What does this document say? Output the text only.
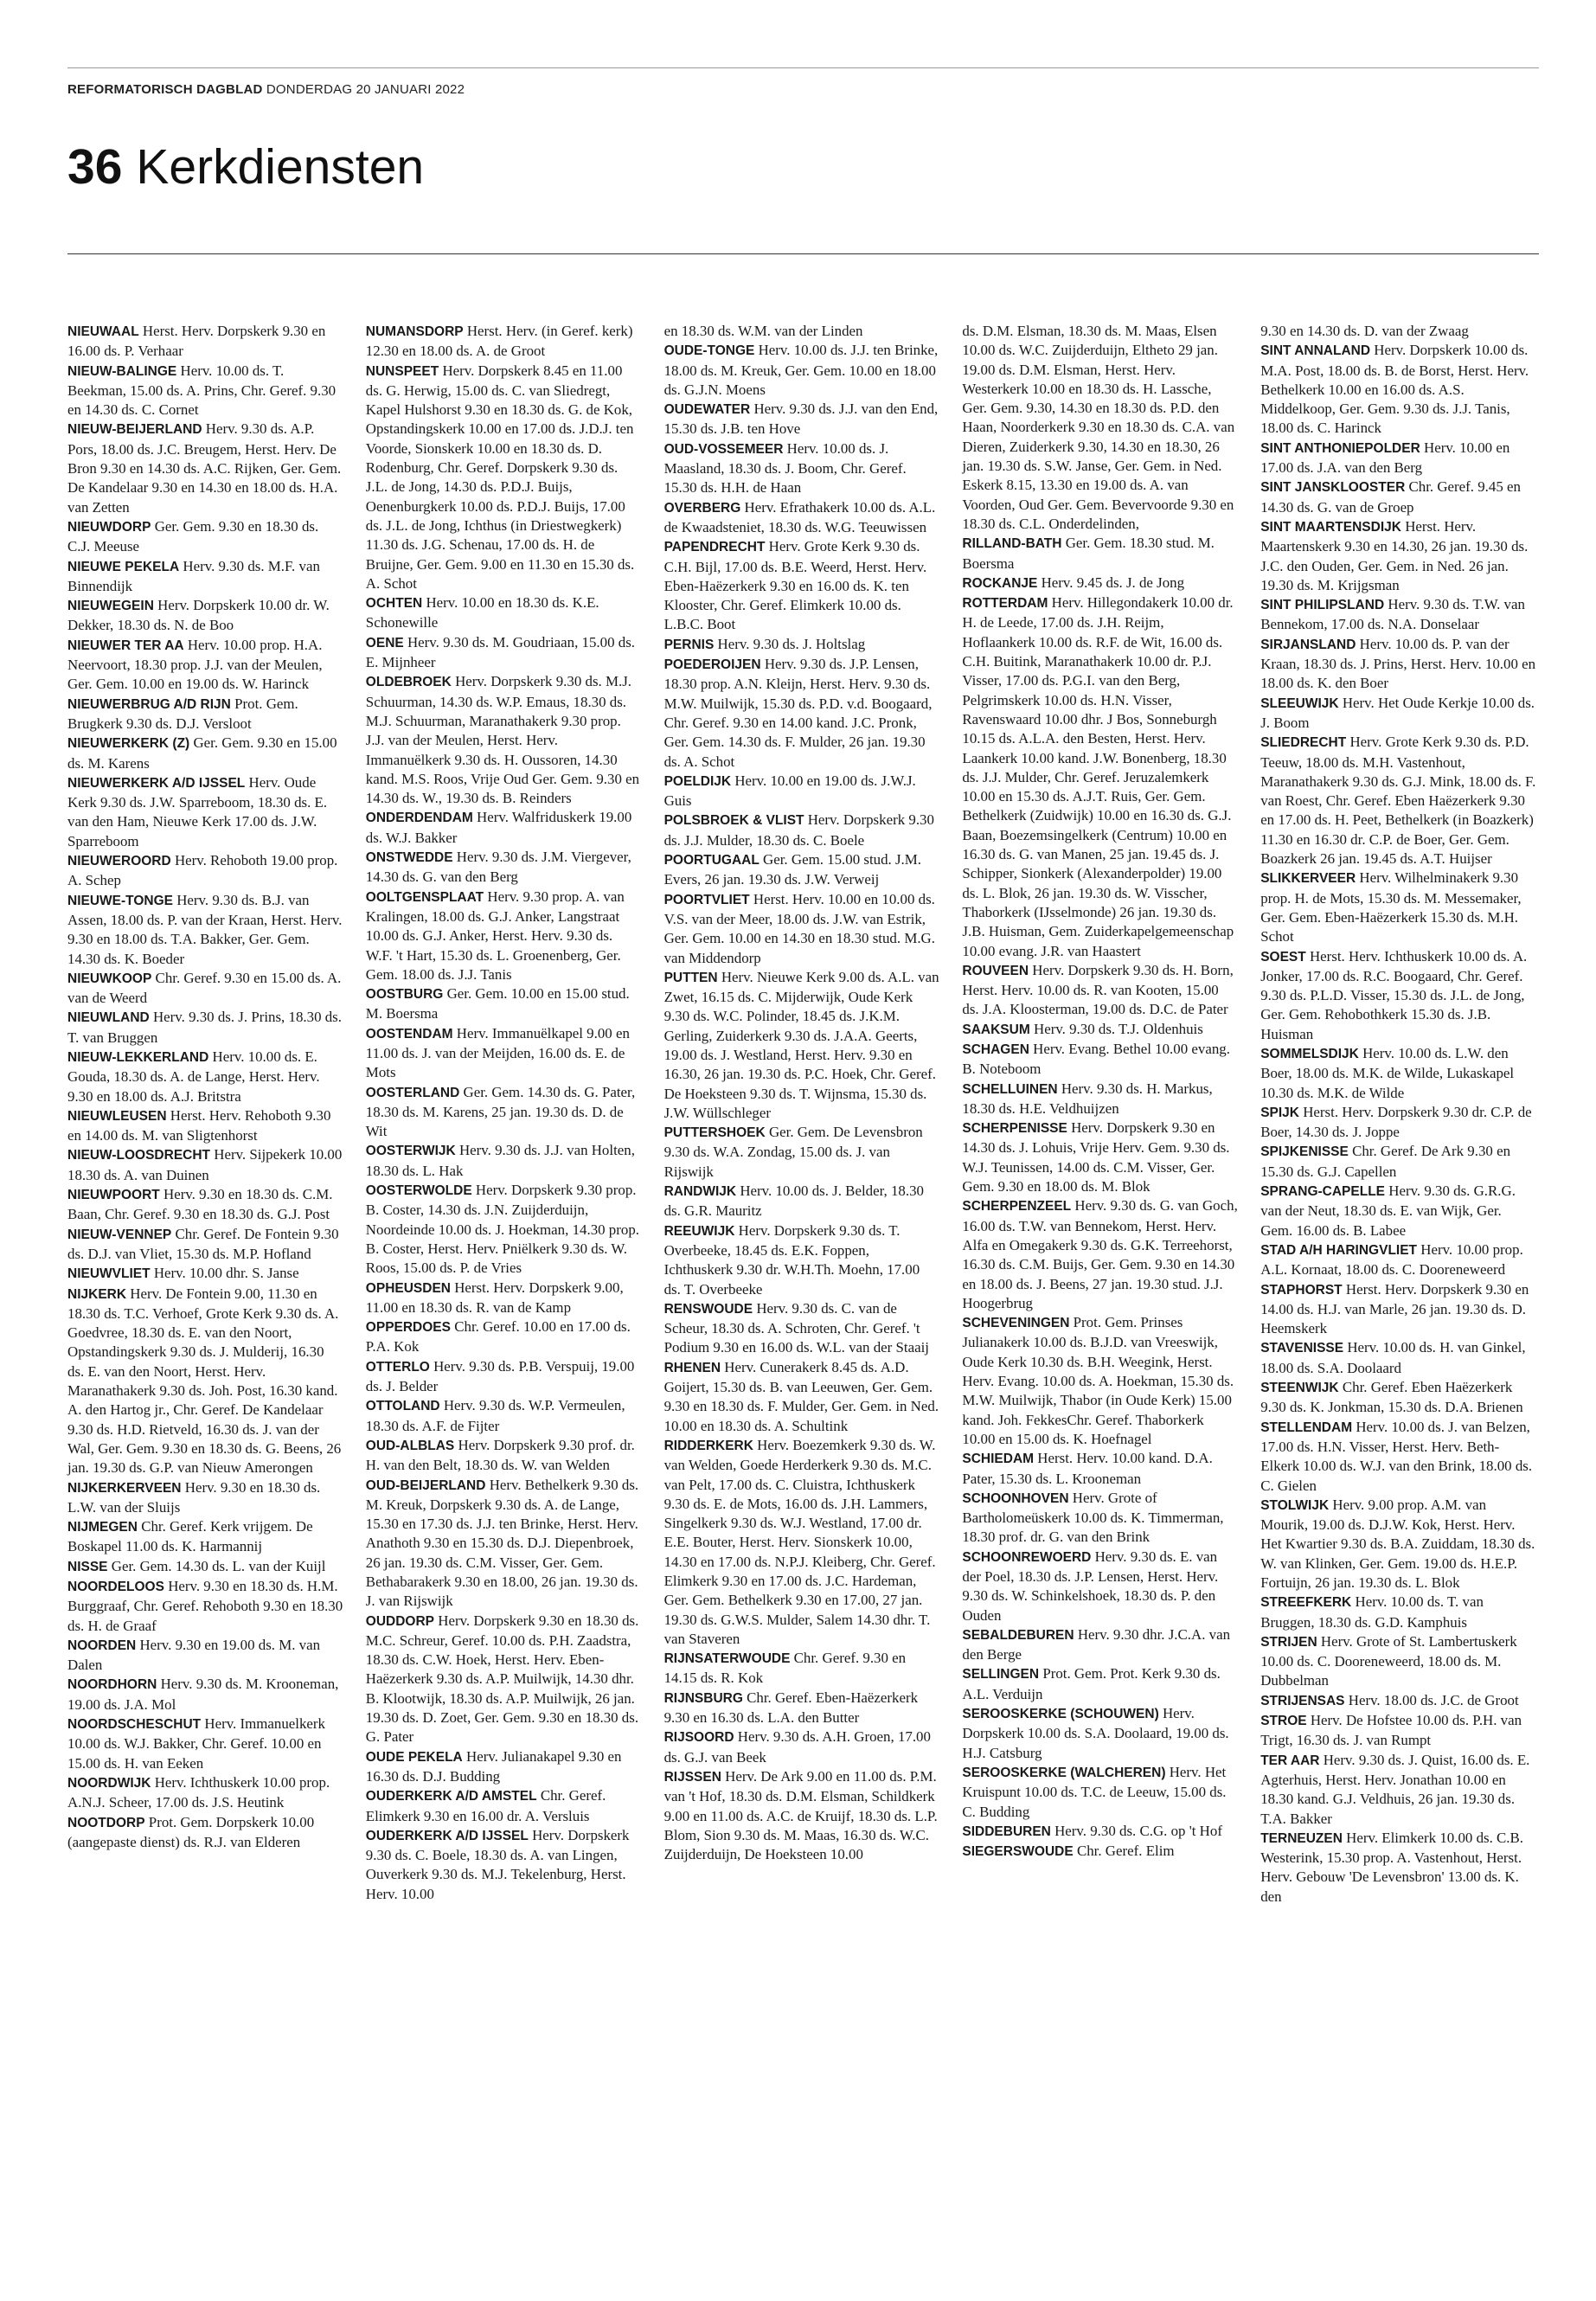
REFORMATORISCH DAGBLAD DONDERDAG 20 JANUARI 2022
36 Kerkdiensten

NIEUWAAL Herst. Herv. Dorpskerk 9.30 en 16.00 ds. P. Verhaar

NIEUW-BALINGE Herv. 10.00 ds. T. Beekman, 15.00 ds. A. Prins, Chr. Geref. 9.30 en 14.30 ds. C. Cornet

NIEUW-BEIJERLAND Herv. 9.30 ds. A.P. Pors, 18.00 ds. J.C. Breugem, Herst. Herv. De Bron 9.30 en 14.30 ds. A.C. Rijken, Ger. Gem. De Kandelaar 9.30 en 14.30 en 18.00 ds. H.A. van Zetten

NIEUWDORP Ger. Gem. 9.30 en 18.30 ds. C.J. Meeuse

NIEUWE PEKELA Herv. 9.30 ds. M.F. van Binnendijk

NIEUWEGEIN Herv. Dorpskerk 10.00 dr. W. Dekker, 18.30 ds. N. de Boo

NIEUWER TER AA Herv. 10.00 prop. H.A. Neervoort, 18.30 prop. J.J. van der Meulen, Ger. Gem. 10.00 en 19.00 ds. W. Harinck

NIEUWERBRUG A/D RIJN Prot. Gem. Brugkerk 9.30 ds. D.J. Versloot

NIEUWERKERK (Z) Ger. Gem. 9.30 en 15.00 ds. M. Karens

NIEUWERKERK A/D IJSSEL Herv. Oude Kerk 9.30 ds. J.W. Sparreboom, 18.30 ds. E. van den Ham, Nieuwe Kerk 17.00 ds. J.W. Sparreboom

NIEUWEROORD Herv. Rehoboth 19.00 prop. A. Schep

NIEUWE-TONGE Herv. 9.30 ds. B.J. van Assen, 18.00 ds. P. van der Kraan, Herst. Herv. 9.30 en 18.00 ds. T.A. Bakker, Ger. Gem. 14.30 ds. K. Boeder

NIEUWKOOP Chr. Geref. 9.30 en 15.00 ds. A. van de Weerd

NIEUWLAND Herv. 9.30 ds. J. Prins, 18.30 ds. T. van Bruggen

NIEUW-LEKKERLAND Herv. 10.00 ds. E. Gouda, 18.30 ds. A. de Lange, Herst. Herv. 9.30 en 18.00 ds. A.J. Britstra

NIEUWLEUSEN Herst. Herv. Rehoboth 9.30 en 14.00 ds. M. van Sligtenhorst

NIEUW-LOOSDRECHT Herv. Sijpekerk 10.00 18.30 ds. A. van Duinen

NIEUWPOORT Herv. 9.30 en 18.30 ds. C.M. Baan, Chr. Geref. 9.30 en 18.30 ds. G.J. Post

NIEUW-VENNEP Chr. Geref. De Fontein 9.30 ds. D.J. van Vliet, 15.30 ds. M.P. Hofland

NIEUWVLIET Herv. 10.00 dhr. S. Janse

NIJKERK Herv. De Fontein 9.00, 11.30 en 18.30 ds. T.C. Verhoef, Grote Kerk 9.30 ds. A. Goedvree, 18.30 ds. E. van den Noort, Opstandingskerk 9.30 ds. J. Mulderij, 16.30 ds. E. van den Noort, Herst. Herv. Maranathakerk 9.30 ds. Joh. Post, 16.30 kand. A. den Hartog jr., Chr. Geref. De Kandelaar 9.30 ds. H.D. Rietveld, 16.30 ds. J. van der Wal, Ger. Gem. 9.30 en 18.30 ds. G. Beens, 26 jan. 19.30 ds. G.P. van Nieuw Amerongen

NIJKERKERVEEN Herv. 9.30 en 18.30 ds. L.W. van der Sluijs

NIJMEGEN Chr. Geref. Kerk vrijgem. De Boskapel 11.00 ds. K. Harmannij

NISSE Ger. Gem. 14.30 ds. L. van der Kuijl

NOORDELOOS Herv. 9.30 en 18.30 ds. H.M. Burggraaf, Chr. Geref. Rehoboth 9.30 en 18.30 ds. H. de Graaf

NOORDEN Herv. 9.30 en 19.00 ds. M. van Dalen

NOORDHORN Herv. 9.30 ds. M. Krooneman, 19.00 ds. J.A. Mol

NOORDSCHESCHUT Herv. Immanuelkerk 10.00 ds. W.J. Bakker, Chr. Geref. 10.00 en 15.00 ds. H. van Eeken

NOORDWIJK Herv. Ichthuskerk 10.00 prop. A.N.J. Scheer, 17.00 ds. J.S. Heutink

NOOTDORP Prot. Gem. Dorpskerk 10.00 (aangepaste dienst) ds. R.J. van Elderen

NUMANSDORP Herst. Herv. (in Geref. kerk) 12.30 en 18.00 ds. A. de Groot

NUNSPEET Herv. Dorpskerk 8.45 en 11.00 ds. G. Herwig, 15.00 ds. C. van Sliedregt, Kapel Hulshorst 9.30 en 18.30 ds. G. de Kok, Opstandingskerk 10.00 en 17.00 ds. J.D.J. ten Voorde, Sionskerk 10.00 en 18.30 ds. D. Rodenburg, Chr. Geref. Dorpskerk 9.30 ds. J.L. de Jong, 14.30 ds. P.D.J. Buijs, Oenenburgkerk 10.00 ds. P.D.J. Buijs, 17.00 ds. J.L. de Jong, Ichthus (in Driestwegkerk) 11.30 ds. J.G. Schenau, 17.00 ds. H. de Bruijne, Ger. Gem. 9.00 en 11.30 en 15.30 ds. A. Schot

OCHTEN Herv. 10.00 en 18.30 ds. K.E. Schonewille

OENE Herv. 9.30 ds. M. Goudriaan, 15.00 ds. E. Mijnheer

OLDEBROEK Herv. Dorpskerk 9.30 ds. M.J. Schuurman, 14.30 ds. W.P. Emaus, 18.30 ds. M.J. Schuurman, Maranathakerk 9.30 prop. J.J. van der Meulen, Herst. Herv. Immanuëlkerk 9.30 ds. H. Oussoren, 14.30 kand. M.S. Roos, Vrije Oud Ger. Gem. 9.30 en 14.30 ds. W., 19.30 ds. B. Reinders

ONDERDENDAM Herv. Walfriduskerk 19.00 ds. W.J. Bakker

ONSTWEDDE Herv. 9.30 ds. J.M. Viergever, 14.30 ds. G. van den Berg

OOLTGENSPLAAT Herv. 9.30 prop. A. van Kralingen, 18.00 ds. G.J. Anker, Langstraat 10.00 ds. G.J. Anker, Herst. Herv. 9.30 ds. W.F. 't Hart, 15.30 ds. L. Groenenberg, Ger. Gem. 18.00 ds. J.J. Tanis

OOSTBURG Ger. Gem. 10.00 en 15.00 stud. M. Boersma

OOSTENDAM Herv. Immanuëlkapel 9.00 en 11.00 ds. J. van der Meijden, 16.00 ds. E. de Mots

OOSTERLAND Ger. Gem. 14.30 ds. G. Pater, 18.30 ds. M. Karens, 25 jan. 19.30 ds. D. de Wit

OOSTERWIJK Herv. 9.30 ds. J.J. van Holten, 18.30 ds. L. Hak

OOSTERWOLDE Herv. Dorpskerk 9.30 prop. B. Coster, 14.30 ds. J.N. Zuijderduijn, Noordeinde 10.00 ds. J. Hoekman, 14.30 prop. B. Coster, Herst. Herv. Pniëlkerk 9.30 ds. W. Roos, 15.00 ds. P. de Vries

OPHEUSDEN Herst. Herv. Dorpskerk 9.00, 11.00 en 18.30 ds. R. van de Kamp

OPPERDOES Chr. Geref. 10.00 en 17.00 ds. P.A. Kok

OTTERLO Herv. 9.30 ds. P.B. Verspuij, 19.00 ds. J. Belder

OTTOLAND Herv. 9.30 ds. W.P. Vermeulen, 18.30 ds. A.F. de Fijter

OUD-ALBLAS Herv. Dorpskerk 9.30 prof. dr. H. van den Belt, 18.30 ds. W. van Welden

OUD-BEIJERLAND Herv. Bethelkerk 9.30 ds. M. Kreuk, Dorpskerk 9.30 ds. A. de Lange, 15.30 en 17.30 ds. J.J. ten Brinke, Herst. Herv. Anathoth 9.30 en 15.30 ds. D.J. Diepenbroek, 26 jan. 19.30 ds. C.M. Visser, Ger. Gem. Bethabarakerk 9.30 en 18.00, 26 jan. 19.30 ds. J. van Rijswijk

OUDDORP Herv. Dorpskerk 9.30 en 18.30 ds. M.C. Schreur, Geref. 10.00 ds. P.H. Zaadstra, 18.30 ds. C.W. Hoek, Herst. Herv. Eben-Haëzerkerk 9.30 ds. A.P. Muilwijk, 14.30 dhr. B. Klootwijk, 18.30 ds. A.P. Muilwijk, 26 jan. 19.30 ds. D. Zoet, Ger. Gem. 9.30 en 18.30 ds. G. Pater

OUDE PEKELA Herv. Julianakapel 9.30 en 16.30 ds. D.J. Budding

OUDERKERK A/D AMSTEL Chr. Geref. Elimkerk 9.30 en 16.00 dr. A. Versluis

OUDERKERK A/D IJSSEL Herv. Dorpskerk 9.30 ds. C. Boele, 18.30 ds. A. van Lingen, Ouverkerk 9.30 ds. M.J. Tekelenburg, Herst. Herv. 10.00

en 18.30 ds. W.M. van der Linden

OUDE-TONGE Herv. 10.00 ds. J.J. ten Brinke, 18.00 ds. M. Kreuk, Ger. Gem. 10.00 en 18.00 ds. G.J.N. Moens

OUDEWATER Herv. 9.30 ds. J.J. van den End, 15.30 ds. J.B. ten Hove

OUD-VOSSEMEER Herv. 10.00 ds. J. Maasland, 18.30 ds. J. Boom, Chr. Geref. 15.30 ds. H.H. de Haan

OVERBERG Herv. Efrathakerk 10.00 ds. A.L. de Kwaadsteniet, 18.30 ds. W.G. Teeuwissen

PAPENDRECHT Herv. Grote Kerk 9.30 ds. C.H. Bijl, 17.00 ds. B.E. Weerd, Herst. Herv. Eben-Haëzerkerk 9.30 en 16.00 ds. K. ten Klooster, Chr. Geref. Elimkerk 10.00 ds. L.B.C. Boot

PERNIS Herv. 9.30 ds. J. Holtslag

POEDEROIJEN Herv. 9.30 ds. J.P. Lensen, 18.30 prop. A.N. Kleijn, Herst. Herv. 9.30 ds. M.W. Muilwijk, 15.30 ds. P.D. v.d. Boogaard, Chr. Geref. 9.30 en 14.00 kand. J.C. Pronk, Ger. Gem. 14.30 ds. F. Mulder, 26 jan. 19.30 ds. A. Schot

POELDIJK Herv. 10.00 en 19.00 ds. J.W.J. Guis

POLSBROEK & VLIST Herv. Dorpskerk 9.30 ds. J.J. Mulder, 18.30 ds. C. Boele

POORTUGAAL Ger. Gem. 15.00 stud. J.M. Evers, 26 jan. 19.30 ds. J.W. Verweij

POORTVLIET Herst. Herv. 10.00 en 10.00 ds. V.S. van der Meer, 18.00 ds. J.W. van Estrik, Ger. Gem. 10.00 en 14.30 en 18.30 stud. M.G. van Middendorp

PUTTEN Herv. Nieuwe Kerk 9.00 ds. A.L. van Zwet, 16.15 ds. C. Mijderwijk, Oude Kerk 9.30 ds. W.C. Polinder, 18.45 ds. J.K.M. Gerling, Zuiderkerk 9.30 ds. J.A.A. Geerts, 19.00 ds. J. Westland, Herst. Herv. 9.30 en 16.30, 26 jan. 19.30 ds. P.C. Hoek, Chr. Geref. De Hoeksteen 9.30 ds. T. Wijnsma, 15.30 ds. J.W. Wüllschleger

PUTTERSHOEK Ger. Gem. De Levensbron 9.30 ds. W.A. Zondag, 15.00 ds. J. van Rijswijk

RANDWIJK Herv. 10.00 ds. J. Belder, 18.30 ds. G.R. Mauritz

REEUWIJK Herv. Dorpskerk 9.30 ds. T. Overbeeke, 18.45 ds. E.K. Foppen, Ichthuskerk 9.30 dr. W.H.Th. Moehn, 17.00 ds. T. Overbeeke

RENSWOUDE Herv. 9.30 ds. C. van de Scheur, 18.30 ds. A. Schroten, Chr. Geref. 't Podium 9.30 en 16.00 ds. W.L. van der Staaij

RHENEN Herv. Cunerakerk 8.45 ds. A.D. Goijert, 15.30 ds. B. van Leeuwen, Ger. Gem. 9.30 en 18.30 ds. F. Mulder, Ger. Gem. in Ned. 10.00 en 18.30 ds. A. Schultink

RIDDERKERK Herv. Boezemkerk 9.30 ds. W. van Welden, Goede Herderkerk 9.30 ds. M.C. van Pelt, 17.00 ds. C. Cluistra, Ichthuskerk 9.30 ds. E. de Mots, 16.00 ds. J.H. Lammers, Singelkerk 9.30 ds. W.J. Westland, 17.00 dr. E.E. Bouter, Herst. Herv. Sionskerk 10.00, 14.30 en 17.00 ds. N.P.J. Kleiberg, Chr. Geref. Elimkerk 9.30 en 17.00 ds. J.C. Hardeman, Ger. Gem. Bethelkerk 9.30 en 17.00, 27 jan. 19.30 ds. G.W.S. Mulder, Salem 14.30 dhr. T. van Staveren

RIJNSATERWOUDE Chr. Geref. 9.30 en 14.15 ds. R. Kok

RIJNSBURG Chr. Geref. Eben-Haëzerkerk 9.30 en 16.30 ds. L.A. den Butter

RIJSOORD Herv. 9.30 ds. A.H. Groen, 17.00 ds. G.J. van Beek

RIJSSEN Herv. De Ark 9.00 en 11.00 ds. P.M. van 't Hof, 18.30 ds. D.M. Elsman, Schildkerk 9.00 en 11.00 ds. A.C. de Kruijf, 18.30 ds. L.P. Blom, Sion 9.30 ds. M. Maas, 16.30 ds. W.C. Zuijderduijn, De Hoeksteen 10.00

ds. D.M. Elsman, 18.30 ds. M. Maas, Elsen 10.00 ds. W.C. Zuijderduijn, Eltheto 29 jan. 19.00 ds. D.M. Elsman, Herst. Herv. Westerkerk 10.00 en 18.30 ds. H. Lassche, Ger. Gem. 9.30, 14.30 en 18.30 ds. P.D. den Haan, Noorderkerk 9.30 en 18.30 ds. C.A. van Dieren, Zuiderkerk 9.30, 14.30 en 18.30, 26 jan. 19.30 ds. S.W. Janse, Ger. Gem. in Ned. Eskerk 8.15, 13.30 en 19.00 ds. A. van Voorden, Oud Ger. Gem. Bevervoorde 9.30 en 18.30 ds. C.L. Onderdelinden,

RILLAND-BATH Ger. Gem. 18.30 stud. M. Boersma

ROCKANJE Herv. 9.45 ds. J. de Jong

ROTTERDAM Herv. Hillegondakerk 10.00 dr. H. de Leede, 17.00 ds. J.H. Reijm, Hoflaankerk 10.00 ds. R.F. de Wit, 16.00 ds. C.H. Buitink, Maranathakerk 10.00 dr. P.J. Visser, 17.00 ds. P.G.I. van den Berg, Pelgrimskerk 10.00 ds. H.N. Visser, Ravenswaard 10.00 dhr. J Bos, Sonneburgh 10.15 ds. A.L.A. den Besten, Herst. Herv. Laankerk 10.00 kand. J.W. Bonenberg, 18.30 ds. J.J. Mulder, Chr. Geref. Jeruzalemkerk 10.00 en 15.30 ds. A.J.T. Ruis, Ger. Gem. Bethelkerk (Zuidwijk) 10.00 en 16.30 ds. G.J. Baan, Boezemsingelkerk (Centrum) 10.00 en 16.30 ds. G. van Manen, 25 jan. 19.45 ds. J. Schipper, Sionkerk (Alexanderpolder) 19.00 ds. L. Blok, 26 jan. 19.30 ds. W. Visscher, Thaborkerk (IJsselmonde) 26 jan. 19.30 ds. J.B. Huisman, Gem. Zuiderkapelgemeenschap 10.00 evang. J.R. van Haastert

ROUVEEN Herv. Dorpskerk 9.30 ds. H. Born, Herst. Herv. 10.00 ds. R. van Kooten, 15.00 ds. J.A. Kloosterman, 19.00 ds. D.C. de Pater

SAAKSUM Herv. 9.30 ds. T.J. Oldenhuis

SCHAGEN Herv. Evang. Bethel 10.00 evang. B. Noteboom

SCHELLUINEN Herv. 9.30 ds. H. Markus, 18.30 ds. H.E. Veldhuijzen

SCHERPENISSE Herv. Dorpskerk 9.30 en 14.30 ds. J. Lohuis, Vrije Herv. Gem. 9.30 ds. W.J. Teunissen, 14.00 ds. C.M. Visser, Ger. Gem. 9.30 en 18.00 ds. M. Blok

SCHERPENZEEL Herv. 9.30 ds. G. van Goch, 16.00 ds. T.W. van Bennekom, Herst. Herv. Alfa en Omegakerk 9.30 ds. G.K. Terreehorst, 16.30 ds. C.M. Buijs, Ger. Gem. 9.30 en 14.30 en 18.00 ds. J. Beens, 27 jan. 19.30 stud. J.J. Hoogerbrug

SCHEVENINGEN Prot. Gem. Prinses Julianakerk 10.00 ds. B.J.D. van Vreeswijk, Oude Kerk 10.30 ds. B.H. Weegink, Herst. Herv. Evang. 10.00 ds. A. Hoekman, 15.30 ds. M.W. Muilwijk, Thabor (in Oude Kerk) 15.00 kand. Joh. FekkesChr. Geref. Thaborkerk 10.00 en 15.00 ds. K. Hoefnagel

SCHIEDAM Herst. Herv. 10.00 kand. D.A. Pater, 15.30 ds. L. Krooneman

SCHOONHOVEN Herv. Grote of Bartholomeüskerk 10.00 ds. K. Timmerman, 18.30 prof. dr. G. van den Brink

SCHOONREWOERD Herv. 9.30 ds. E. van der Poel, 18.30 ds. J.P. Lensen, Herst. Herv. 9.30 ds. W. Schinkelshoek, 18.30 ds. P. den Ouden

SEBALDEBUREN Herv. 9.30 dhr. J.C.A. van den Berge

SELLINGEN Prot. Gem. Prot. Kerk 9.30 ds. A.L. Verduijn

SEROOSKERKE (SCHOUWEN) Herv. Dorpskerk 10.00 ds. S.A. Doolaard, 19.00 ds. H.J. Catsburg

SEROOSKERKE (WALCHEREN) Herv. Het Kruispunt 10.00 ds. T.C. de Leeuw, 15.00 ds. C. Budding

SIDDEBUREN Herv. 9.30 ds. C.G. op 't Hof

SIEGERSWOUDE Chr. Geref. Elim

9.30 en 14.30 ds. D. van der Zwaag

SINT ANNALAND Herv. Dorpskerk 10.00 ds. M.A. Post, 18.00 ds. B. de Borst, Herst. Herv. Bethelkerk 10.00 en 16.00 ds. A.S. Middelkoop, Ger. Gem. 9.30 ds. J.J. Tanis, 18.00 ds. C. Harinck

SINT ANTHONIEPOLDER Herv. 10.00 en 17.00 ds. J.A. van den Berg

SINT JANSKLOOSTER Chr. Geref. 9.45 en 14.30 ds. G. van de Groep

SINT MAARTENSDIJK Herst. Herv. Maartenskerk 9.30 en 14.30, 26 jan. 19.30 ds. J.C. den Ouden, Ger. Gem. in Ned. 26 jan. 19.30 ds. M. Krijgsman

SINT PHILIPSLAND Herv. 9.30 ds. T.W. van Bennekom, 17.00 ds. N.A. Donselaar

SIRJANSLAND Herv. 10.00 ds. P. van der Kraan, 18.30 ds. J. Prins, Herst. Herv. 10.00 en 18.00 ds. K. den Boer

SLEEUWIJK Herv. Het Oude Kerkje 10.00 ds. J. Boom

SLIEDRECHT Herv. Grote Kerk 9.30 ds. P.D. Teeuw, 18.00 ds. M.H. Vastenhout, Maranathakerk 9.30 ds. G.J. Mink, 18.00 ds. F. van Roest, Chr. Geref. Eben Haëzerkerk 9.30 en 17.00 ds. H. Peet, Bethelkerk (in Boazkerk) 11.30 en 16.30 dr. C.P. de Boer, Ger. Gem. Boazkerk 26 jan. 19.45 ds. A.T. Huijser

SLIKKERVEER Herv. Wilhelminakerk 9.30 prop. H. de Mots, 15.30 ds. M. Messemaker, Ger. Gem. Eben-Haëzerkerk 15.30 ds. M.H. Schot

SOEST Herst. Herv. Ichthuskerk 10.00 ds. A. Jonker, 17.00 ds. R.C. Boogaard, Chr. Geref. 9.30 ds. P.L.D. Visser, 15.30 ds. J.L. de Jong, Ger. Gem. Rehobothkerk 15.30 ds. J.B. Huisman

SOMMELSDIJK Herv. 10.00 ds. L.W. den Boer, 18.00 ds. M.K. de Wilde, Lukaskapel 10.30 ds. M.K. de Wilde

SPIJK Herst. Herv. Dorpskerk 9.30 dr. C.P. de Boer, 14.30 ds. J. Joppe

SPIJKENISSE Chr. Geref. De Ark 9.30 en 15.30 ds. G.J. Capellen

SPRANG-CAPELLE Herv. 9.30 ds. G.R.G. van der Neut, 18.30 ds. E. van Wijk, Ger. Gem. 16.00 ds. B. Labee

STAD A/H HARINGVLIET Herv. 10.00 prop. A.L. Kornaat, 18.00 ds. C. Dooreneweerd

STAPHORST Herst. Herv. Dorpskerk 9.30 en 14.00 ds. H.J. van Marle, 26 jan. 19.30 ds. D. Heemskerk

STAVENISSE Herv. 10.00 ds. H. van Ginkel, 18.00 ds. S.A. Doolaard

STEENWIJK Chr. Geref. Eben Haëzerkerk 9.30 ds. K. Jonkman, 15.30 ds. D.A. Brienen

STELLENDAM Herv. 10.00 ds. J. van Belzen, 17.00 ds. H.N. Visser, Herst. Herv. Beth-Elkerk 10.00 ds. W.J. van den Brink, 18.00 ds. C. Gielen

STOLWIJK Herv. 9.00 prop. A.M. van Mourik, 19.00 ds. D.J.W. Kok, Herst. Herv. Het Kwartier 9.30 ds. B.A. Zuiddam, 18.30 ds. W. van Klinken, Ger. Gem. 19.00 ds. H.E.P. Fortuijn, 26 jan. 19.30 ds. L. Blok

STREEFKERK Herv. 10.00 ds. T. van Bruggen, 18.30 ds. G.D. Kamphuis

STRIJEN Herv. Grote of St. Lambertuskerk 10.00 ds. C. Dooreneweerd, 18.00 ds. M. Dubbelman

STRIJENSAS Herv. 18.00 ds. J.C. de Groot

STROE Herv. De Hofstee 10.00 ds. P.H. van Trigt, 16.30 ds. J. van Rumpt

TER AAR Herv. 9.30 ds. J. Quist, 16.00 ds. E. Agterhuis, Herst. Herv. Jonathan 10.00 en 18.30 kand. G.J. Veldhuis, 26 jan. 19.30 ds. T.A. Bakker

TERNEUZEN Herv. Elimkerk 10.00 ds. C.B. Westerink, 15.30 prop. A. Vastenhout, Herst. Herv. Gebouw 'De Levensbron' 13.00 ds. K. den
